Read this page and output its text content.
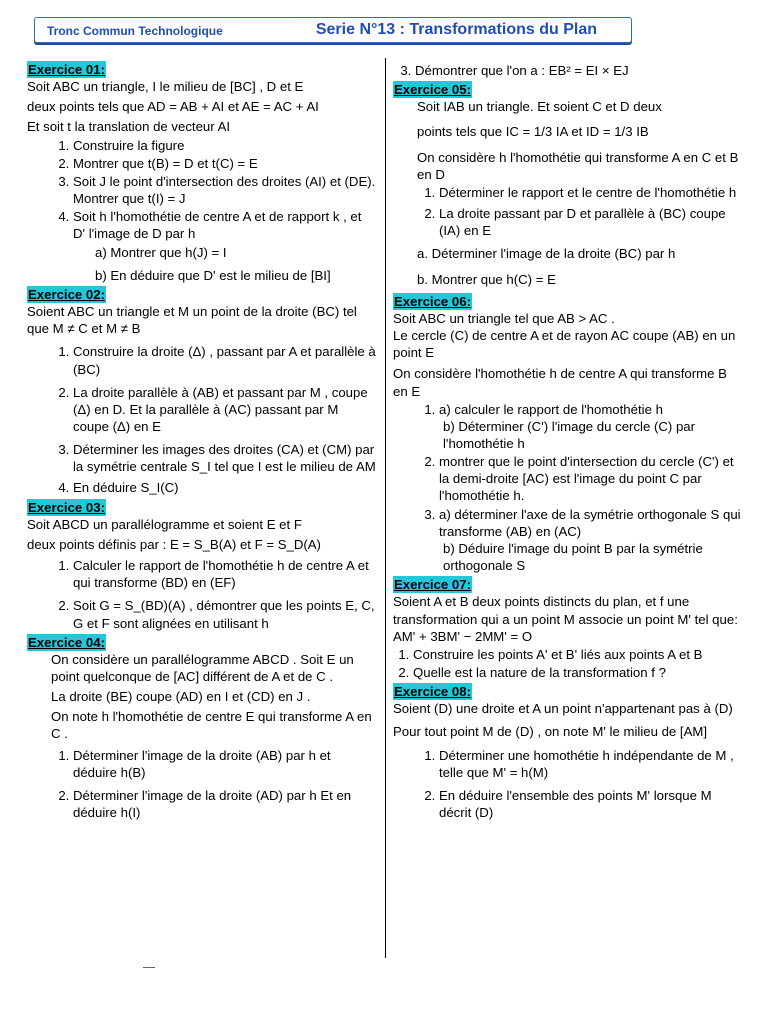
Tronc Commun Technologique	Serie N°13 : Transformations du Plan
Exercice 01:

Soit ABC un triangle, I le milieu de [BC] , D et E

deux points tels que AD = AB + AI et AE = AC + AI

Et soit t la translation de vecteur AI

1. Construire la figure
2. Montrer que t(B) = D et t(C) = E
3. Soit J le point d'intersection des droites (AI) et (DE). Montrer que t(I) = J
4. Soit h l'homothétie de centre A et de rapport k , et D' l'image de D par h
a) Montrer que h(J) = I
b) En déduire que D' est le milieu de [BI]
Exercice 02:

Soient ABC un triangle et M un point de la droite (BC) tel que M ≠ C et M ≠ B

1. Construire la droite (Δ) , passant par A et parallèle à (BC)
2. La droite parallèle à (AB) et passant par M , coupe (Δ) en D. Et la parallèle à (AC) passant par M coupe (Δ) en E
3. Déterminer les images des droites (CA) et (CM) par la symétrie centrale S_I tel que I est le milieu de AM
4. En déduire S_I(C)
Exercice 03:

Soit ABCD un parallélogramme et soient E et F

deux points définis par : E = S_B(A) et F = S_D(A)

1. Calculer le rapport de l'homothétie h de centre A et qui transforme (BD) en (EF)
2. Soit G = S_(BD)(A) , démontrer que les points E, C, G et F sont alignées en utilisant h
Exercice 04:

On considère un parallélogramme ABCD . Soit E un point quelconque de [AC] différent de A et de C .

La droite (BE) coupe (AD) en I et (CD) en J .

On note h l'homothétie de centre E qui transforme A en C .

1. Déterminer l'image de la droite (AB) par h et déduire h(B)
2. Déterminer l'image de la droite (AD) par h Et en déduire h(I)
3. Démontrer que l'on a : EB² = EI × EJ
Exercice 05:

Soit IAB un triangle. Et soient C et D deux

points tels que IC = 1/3 IA et ID = 1/3 IB

On considère h l'homothétie qui transforme A en C et B en D

1. Déterminer le rapport et le centre de l'homothétie h
2. La droite passant par D et parallèle à (BC) coupe (IA) en E

a. Déterminer l'image de la droite (BC) par h

b. Montrer que h(C) = E

Exercice 06:

Soit ABC un triangle tel que AB > AC .

Le cercle (C) de centre A et de rayon AC coupe (AB) en un point E

On considère l'homothétie h de centre A qui transforme B en E

1. a) calculer le rapport de l'homothétie h
b) Déterminer (C') l'image du cercle (C) par l'homothétie h
2. montrer que le point d'intersection du cercle (C') et la demi-droite [AC) est l'image du point C par l'homothétie h.
3. a) déterminer l'axe de la symétrie orthogonale S qui transforme (AB) en (AC)
b) Déduire l'image du point B par la symétrie orthogonale S
Exercice 07:

Soient A et B deux points distincts du plan, et f une transformation qui a un point M associe un point M' tel que: AM' + 3BM' − 2MM' = O

1. Construire les points A' et B' liés aux points A et B
2. Quelle est la nature de la transformation f ?
Exercice 08:

Soient (D) une droite et A un point n'appartenant pas à (D)

Pour tout point M de (D) , on note M' le milieu de [AM]

1. Déterminer une homothétie h indépendante de M , telle que M' = h(M)
2. En déduire l'ensemble des points M' lorsque M décrit (D)
